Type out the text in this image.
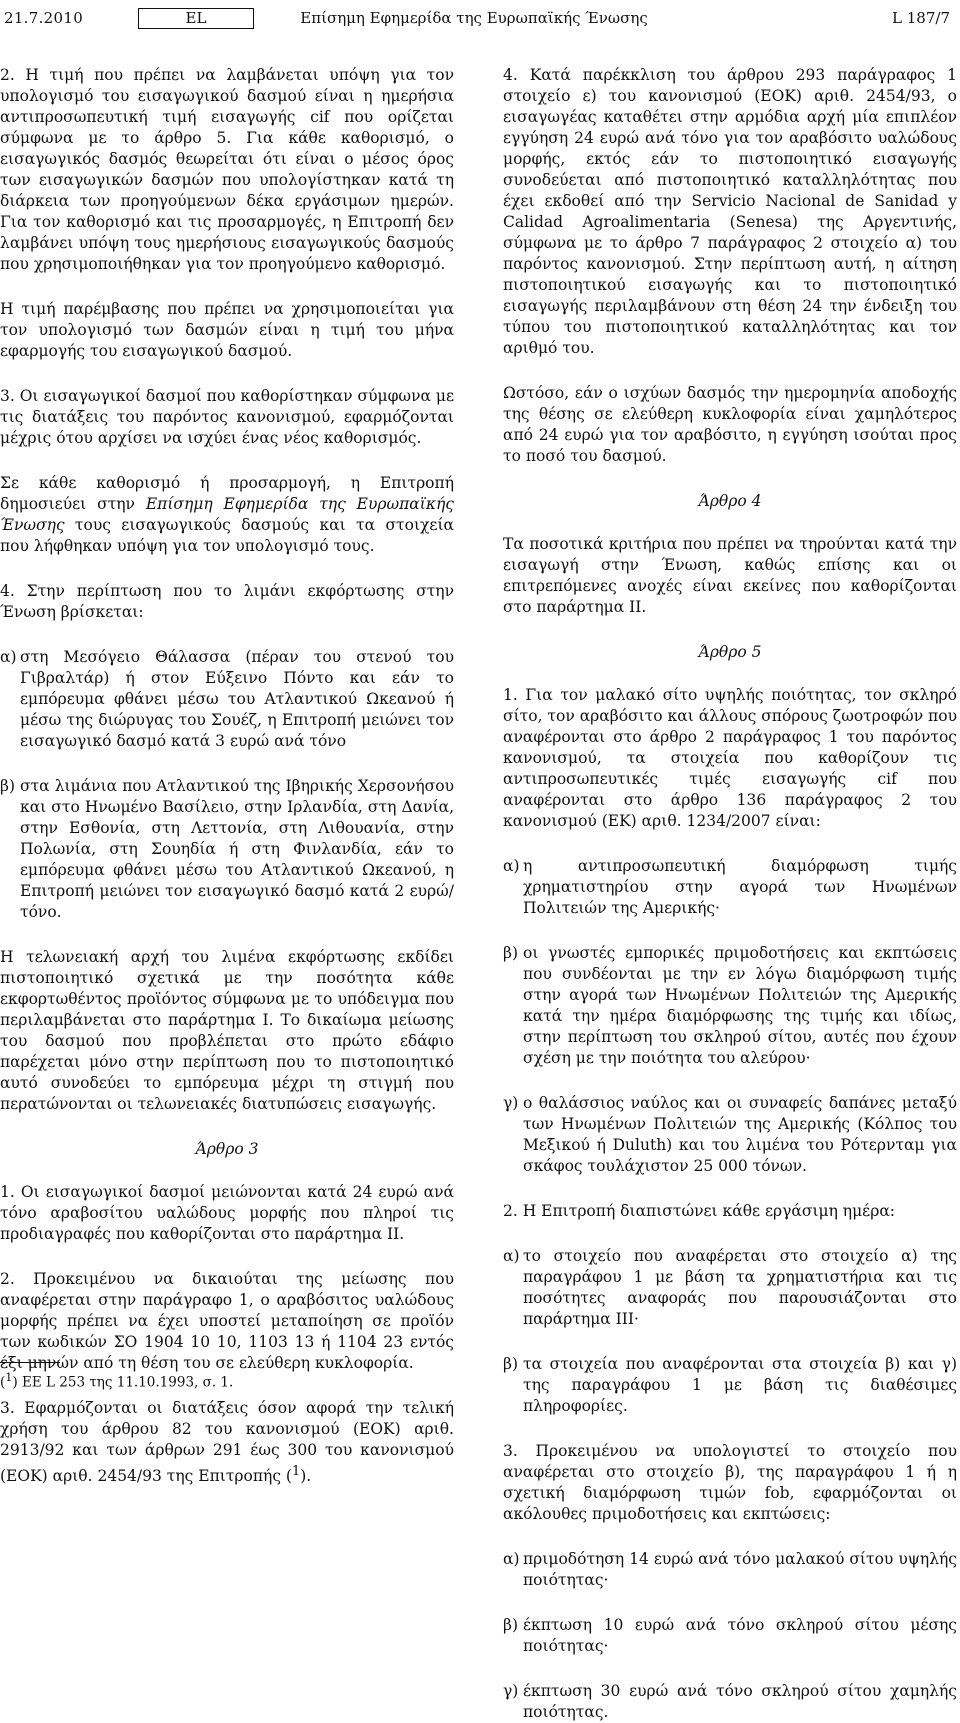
21.7.2010	EL	Επίσημη Εφημερίδα της Ευρωπαϊκής Ένωσης	L 187/7

2. Η τιμή που πρέπει να λαμβάνεται υπόψη για τον υπολογισμό του εισαγωγικού δασμού είναι η ημερήσια αντιπροσωπευτική τιμή εισαγωγής cif που ορίζεται σύμφωνα με το άρθρο 5. Για κάθε καθορισμό, ο εισαγωγικός δασμός θεωρείται ότι είναι ο μέσος όρος των εισαγωγικών δασμών που υπολογίστηκαν κατά τη διάρκεια των προηγούμενων δέκα εργάσιμων ημερών. Για τον καθορισμό και τις προσαρμογές, η Επιτροπή δεν λαμβάνει υπόψη τους ημερήσιους εισαγωγικούς δασμούς που χρησιμοποιήθηκαν για τον προηγούμενο καθορισμό.

Η τιμή παρέμβασης που πρέπει να χρησιμοποιείται για τον υπολογισμό των δασμών είναι η τιμή του μήνα εφαρμογής του εισαγωγικού δασμού.

3. Οι εισαγωγικοί δασμοί που καθορίστηκαν σύμφωνα με τις διατάξεις του παρόντος κανονισμού, εφαρμόζονται μέχρις ότου αρχίσει να ισχύει ένας νέος καθορισμός.

Σε κάθε καθορισμό ή προσαρμογή, η Επιτροπή δημοσιεύει στην Επίσημη Εφημερίδα της Ευρωπαϊκής Ένωσης τους εισαγωγικούς δασμούς και τα στοιχεία που λήφθηκαν υπόψη για τον υπολογισμό τους.

4. Στην περίπτωση που το λιμάνι εκφόρτωσης στην Ένωση βρίσκεται:

α) στη Μεσόγειο Θάλασσα (πέραν του στενού του Γιβραλτάρ) ή στον Εύξεινο Πόντο και εάν το εμπόρευμα φθάνει μέσω του Ατλαντικού Ωκεανού ή μέσω της διώρυγας του Σουέζ, η Επιτροπή μειώνει τον εισαγωγικό δασμό κατά 3 ευρώ ανά τόνο
β) στα λιμάνια που Ατλαντικού της Ιβηρικής Χερσονήσου και στο Ηνωμένο Βασίλειο, στην Ιρλανδία, στη Δανία, στην Εσθονία, στη Λεττονία, στη Λιθουανία, στην Πολωνία, στη Σουηδία ή στη Φινλανδία, εάν το εμπόρευμα φθάνει μέσω του Ατλαντικού Ωκεανού, η Επιτροπή μειώνει τον εισαγωγικό δασμό κατά 2 ευρώ/τόνο.

Η τελωνειακή αρχή του λιμένα εκφόρτωσης εκδίδει πιστοποιητικό σχετικά με την ποσότητα κάθε εκφορτωθέντος προϊόντος σύμφωνα με το υπόδειγμα που περιλαμβάνεται στο παράρτημα Ι. Το δικαίωμα μείωσης του δασμού που προβλέπεται στο πρώτο εδάφιο παρέχεται μόνο στην περίπτωση που το πιστοποιητικό αυτό συνοδεύει το εμπόρευμα μέχρι τη στιγμή που περατώνονται οι τελωνειακές διατυπώσεις εισαγωγής.

Άρθρο 3

1. Οι εισαγωγικοί δασμοί μειώνονται κατά 24 ευρώ ανά τόνο αραβοσίτου υαλώδους μορφής που πληροί τις προδιαγραφές που καθορίζονται στο παράρτημα ΙΙ.

2. Προκειμένου να δικαιούται της μείωσης που αναφέρεται στην παράγραφο 1, ο αραβόσιτος υαλώδους μορφής πρέπει να έχει υποστεί μεταποίηση σε προϊόν των κωδικών ΣΟ 1904 10 10, 1103 13 ή 1104 23 εντός έξι μηνών από τη θέση του σε ελεύθερη κυκλοφορία.

3. Εφαρμόζονται οι διατάξεις όσον αφορά την τελική χρήση του άρθρου 82 του κανονισμού (ΕΟΚ) αριθ. 2913/92 και των άρθρων 291 έως 300 του κανονισμού (ΕΟΚ) αριθ. 2454/93 της Επιτροπής ($^1$).

($^1$) ΕΕ L 253 της 11.10.1993, σ. 1.

4. Κατά παρέκκλιση του άρθρου 293 παράγραφος 1 στοιχείο ε) του κανονισμού (ΕΟΚ) αριθ. 2454/93, ο εισαγωγέας καταθέτει στην αρμόδια αρχή μία επιπλέον εγγύηση 24 ευρώ ανά τόνο για τον αραβόσιτο υαλώδους μορφής, εκτός εάν το πιστοποιητικό εισαγωγής συνοδεύεται από πιστοποιητικό καταλληλότητας που έχει εκδοθεί από την Servicio Nacional de Sanidad y Calidad Agroalimentaria (Senesa) της Αργεντινής, σύμφωνα με το άρθρο 7 παράγραφος 2 στοιχείο α) του παρόντος κανονισμού. Στην περίπτωση αυτή, η αίτηση πιστοποιητικού εισαγωγής και το πιστοποιητικό εισαγωγής περιλαμβάνουν στη θέση 24 την ένδειξη του τύπου του πιστοποιητικού καταλληλότητας και τον αριθμό του.

Ωστόσο, εάν ο ισχύων δασμός την ημερομηνία αποδοχής της θέσης σε ελεύθερη κυκλοφορία είναι χαμηλότερος από 24 ευρώ για τον αραβόσιτο, η εγγύηση ισούται προς το ποσό του δασμού.

Άρθρο 4

Τα ποσοτικά κριτήρια που πρέπει να τηρούνται κατά την εισαγωγή στην Ένωση, καθώς επίσης και οι επιτρεπόμενες ανοχές είναι εκείνες που καθορίζονται στο παράρτημα ΙΙ.

Άρθρο 5

1. Για τον μαλακό σίτο υψηλής ποιότητας, τον σκληρό σίτο, τον αραβόσιτο και άλλους σπόρους ζωοτροφών που αναφέρονται στο άρθρο 2 παράγραφος 1 του παρόντος κανονισμού, τα στοιχεία που καθορίζουν τις αντιπροσωπευτικές τιμές εισαγωγής cif που αναφέρονται στο άρθρο 136 παράγραφος 2 του κανονισμού (ΕΚ) αριθ. 1234/2007 είναι:

α) η αντιπροσωπευτική διαμόρφωση τιμής χρηματιστηρίου στην αγορά των Ηνωμένων Πολιτειών της Αμερικής·
β) οι γνωστές εμπορικές πριμοδοτήσεις και εκπτώσεις που συνδέονται με την εν λόγω διαμόρφωση τιμής στην αγορά των Ηνωμένων Πολιτειών της Αμερικής κατά την ημέρα διαμόρφωσης της τιμής και ιδίως, στην περίπτωση του σκληρού σίτου, αυτές που έχουν σχέση με την ποιότητα του αλεύρου·
γ) ο θαλάσσιος ναύλος και οι συναφείς δαπάνες μεταξύ των Ηνωμένων Πολιτειών της Αμερικής (Κόλπος του Μεξικού ή Duluth) και του λιμένα του Ρότερνταμ για σκάφος τουλάχιστον 25 000 τόνων.

2. Η Επιτροπή διαπιστώνει κάθε εργάσιμη ημέρα:

α) το στοιχείο που αναφέρεται στο στοιχείο α) της παραγράφου 1 με βάση τα χρηματιστήρια και τις ποσότητες αναφοράς που παρουσιάζονται στο παράρτημα ΙΙΙ·
β) τα στοιχεία που αναφέρονται στα στοιχεία β) και γ) της παραγράφου 1 με βάση τις διαθέσιμες πληροφορίες.

3. Προκειμένου να υπολογιστεί το στοιχείο που αναφέρεται στο στοιχείο β), της παραγράφου 1 ή η σχετική διαμόρφωση τιμών fob, εφαρμόζονται οι ακόλουθες πριμοδοτήσεις και εκπτώσεις:

α) πριμοδότηση 14 ευρώ ανά τόνο μαλακού σίτου υψηλής ποιότητας·
β) έκπτωση 10 ευρώ ανά τόνο σκληρού σίτου μέσης ποιότητας·
γ) έκπτωση 30 ευρώ ανά τόνο σκληρού σίτου χαμηλής ποιότητας.
